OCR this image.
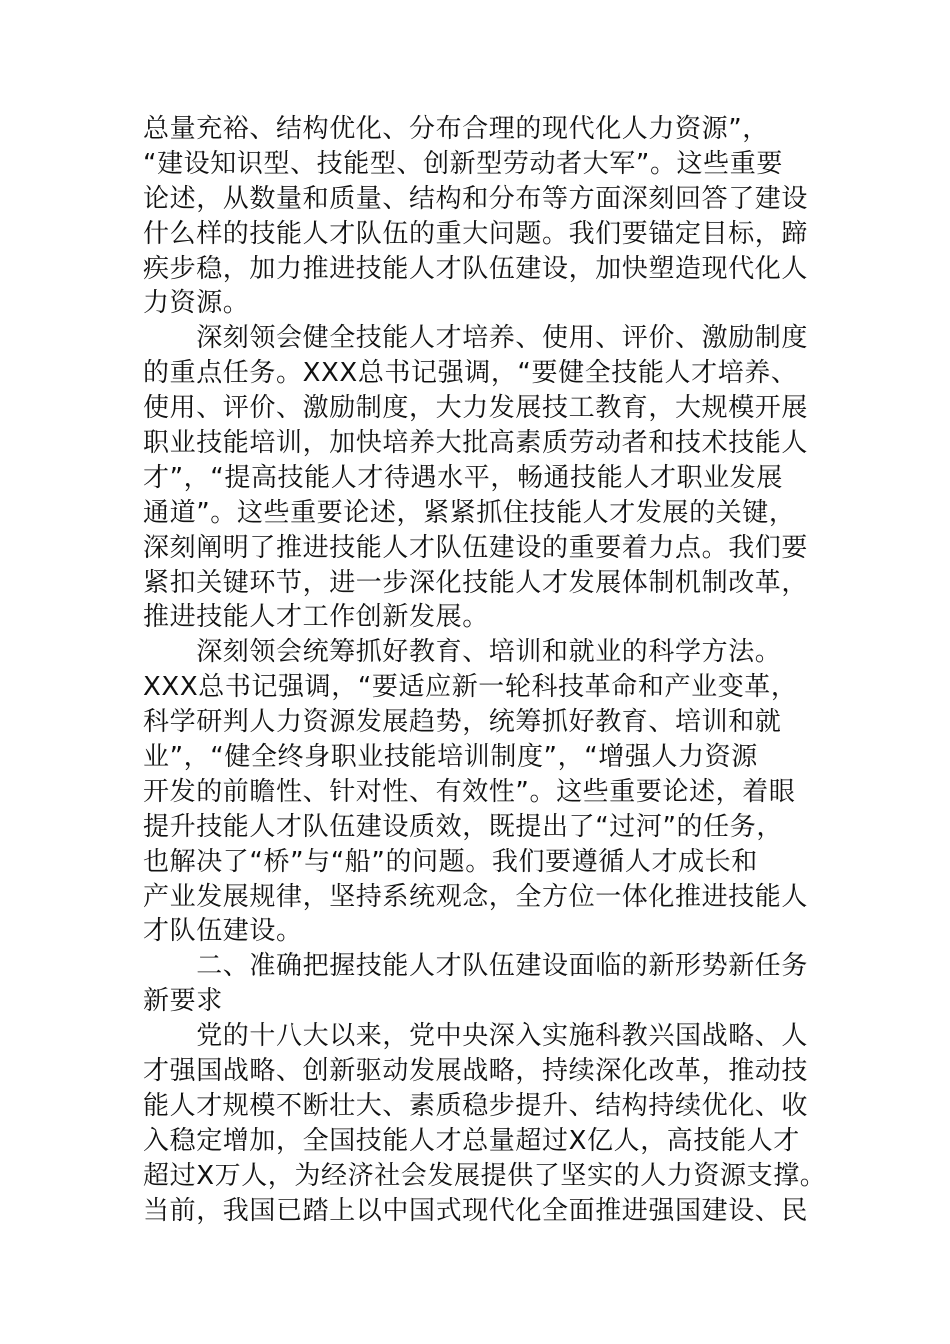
总量充裕、结构优化、分布合理的现代化人力资源”，
“建设知识型、技能型、创新型劳动者大军”。这些重要
论述，从数量和质量、结构和分布等方面深刻回答了建设
什么样的技能人才队伍的重大问题。我们要锚定目标，蹄
疾步稳，加力推进技能人才队伍建设，加快塑造现代化人
力资源。
　　深刻领会健全技能人才培养、使用、评价、激励制度
的重点任务。XXX总书记强调，“要健全技能人才培养、
使用、评价、激励制度，大力发展技工教育，大规模开展
职业技能培训，加快培养大批高素质劳动者和技术技能人
才”，“提高技能人才待遇水平，畅通技能人才职业发展
通道”。这些重要论述，紧紧抓住技能人才发展的关键，
深刻阐明了推进技能人才队伍建设的重要着力点。我们要
紧扣关键环节，进一步深化技能人才发展体制机制改革，
推进技能人才工作创新发展。
　　深刻领会统筹抓好教育、培训和就业的科学方法。
XXX总书记强调，“要适应新一轮科技革命和产业变革，
科学研判人力资源发展趋势，统筹抓好教育、培训和就
业”，“健全终身职业技能培训制度”，“增强人力资源
开发的前瞻性、针对性、有效性”。这些重要论述，着眼
提升技能人才队伍建设质效，既提出了“过河”的任务，
也解决了“桥”与“船”的问题。我们要遵循人才成长和
产业发展规律，坚持系统观念，全方位一体化推进技能人
才队伍建设。
　　二、准确把握技能人才队伍建设面临的新形势新任务
新要求
　　党的十八大以来，党中央深入实施科教兴国战略、人
才强国战略、创新驱动发展战略，持续深化改革，推动技
能人才规模不断壮大、素质稳步提升、结构持续优化、收
入稳定增加，全国技能人才总量超过X亿人，高技能人才
超过X万人，为经济社会发展提供了坚实的人力资源支撑。
当前，我国已踏上以中国式现代化全面推进强国建设、民
